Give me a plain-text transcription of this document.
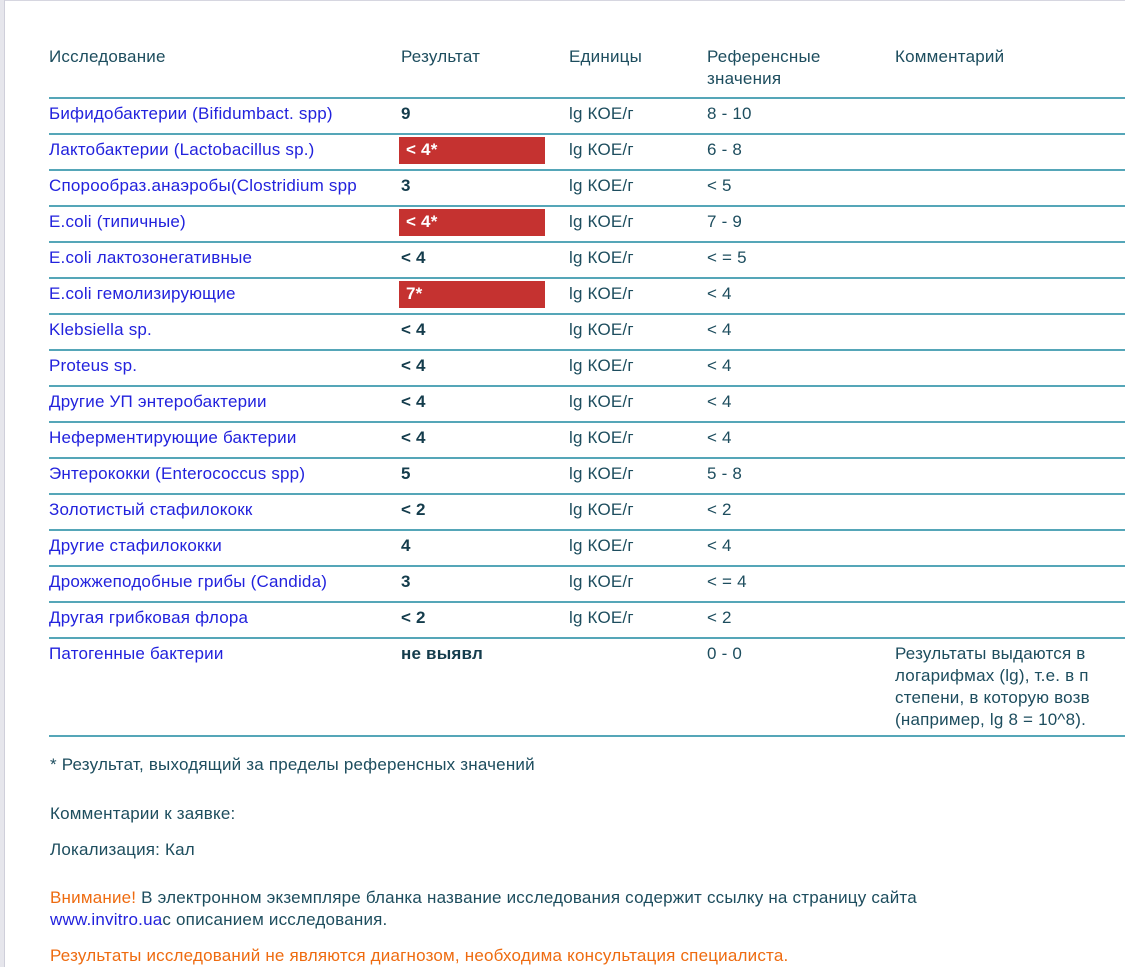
Исследование	Результат	Единицы	Референсные значения	Комментарий
Бифидобактерии (Bifidumbact. spp)	9	lg КОЕ/г	8 - 10	
Лактобактерии (Lactobacillus sp.)	< 4*	lg КОЕ/г	6 - 8	
Спорообраз.анаэробы(Clostridium spp	3	lg КОЕ/г	< 5	
E.coli (типичные)	< 4*	lg КОЕ/г	7 - 9	
E.coli лактозонегативные	< 4	lg КОЕ/г	< = 5	
E.coli гемолизирующие	7*	lg КОЕ/г	< 4	
Klebsiella sp.	< 4	lg КОЕ/г	< 4	
Proteus sp.	< 4	lg КОЕ/г	< 4	
Другие УП энтеробактерии	< 4	lg КОЕ/г	< 4	
Неферментирующие бактерии	< 4	lg КОЕ/г	< 4	
Энтерококки (Enterococcus spp)	5	lg КОЕ/г	5 - 8	
Золотистый стафилококк	< 2	lg КОЕ/г	< 2	
Другие стафилококки	4	lg КОЕ/г	< 4	
Дрожжеподобные грибы (Candida)	3	lg КОЕ/г	< = 4	
Другая грибковая флора	< 2	lg КОЕ/г	< 2	
Патогенные бактерии	не выявл		0 - 0	Результаты выдаются в
логарифмах (lg), т.е. в п
степени, в которую возв
(например, lg 8 = 10^8).
* Результат, выходящий за пределы референсных значений
Комментарии к заявке:
Локализация: Кал
Внимание! В электронном экземпляре бланка название исследования содержит ссылку на страницу сайта
www.invitro.uaс описанием исследования.
Результаты исследований не являются диагнозом, необходима консультация специалиста.
